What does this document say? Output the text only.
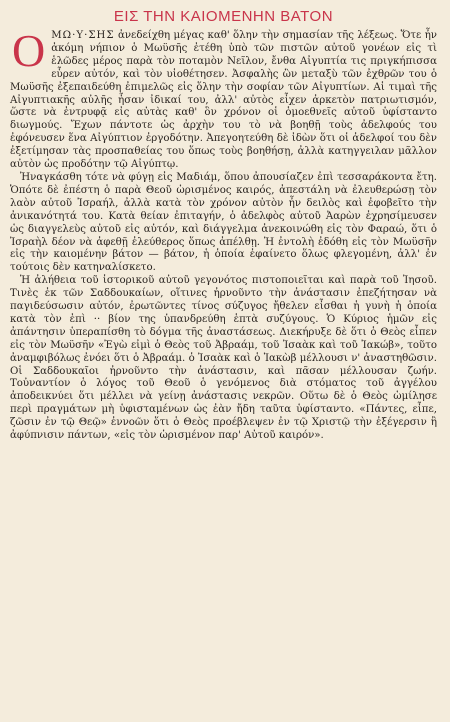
ΕΙΣ ΤΗΝ ΚΑΙΟΜΕΝΗΝ ΒΑΤΟΝ

ΟΜΩ·Υ·ΣΗΣ ἀνεδείχθη μέγας καθ' ὅλην τὴν σημασίαν τῆς λέξεως. Ὅτε ἦν ἀκόμη νήπιον ὁ Μωϋσῆς ἐτέθη ὑπὸ τῶν πιστῶν αὐτοῦ γονέων εἰς τὶ ἑλῶδες μέρος παρὰ τὸν ποταμὸν Νεῖλον, ἔνθα Αἰγυπτία τις πριγκήπισσα εὗρεν αὐτόν, καὶ τὸν υἱοθέτησεν. Ἀσφαλὴς ὢν μεταξὺ τῶν ἐχθρῶν του ὁ Μωϋσῆς ἐξεπαιδεύθη ἐπιμελῶς εἰς ὅλην τὴν σοφίαν τῶν Αἰγυπτίων. Αἱ τιμαὶ τῆς Αἰγυπτιακῆς αὐλῆς ἦσαν ἰδικαί του, ἀλλ' αὐτὸς εἶχεν ἀρκετὸν πατριωτισμόν, ὥστε νὰ ἐντρυφᾷ εἰς αὐτὰς καθ' ὃν χρόνον οἱ ὁμοεθνεῖς αὐτοῦ ὑφίσταντο διωγμούς. Ἔχων πάντοτε ὡς ἀρχὴν του τὸ νὰ βοηθῇ τοὺς ἀδελφούς του ἐφόνευσεν ἕνα Αἰγύπτιον ἐργοδότην. Ἀπεγοητεύθη δὲ ἰδὼν ὅτι οἱ ἀδελφοί του δὲν ἐξετίμησαν τὰς προσπαθείας του ὅπως τοὺς βοηθήσῃ, ἀλλὰ κατηγγειλαν μᾶλλον αὐτὸν ὡς προδότην τῷ Αἰγύπτῳ.

Ἠναγκάσθη τότε νὰ φύγῃ εἰς Μαδιάμ, ὅπου ἀπουσίαζεν ἐπὶ τεσσαράκοντα ἔτη. Ὁπότε δὲ ἐπέστη ὁ παρὰ Θεοῦ ὡρισμένος καιρός, ἀπεστάλη νὰ ἐλευθερώσῃ τὸν λαὸν αὐτοῦ Ἰσραήλ, ἀλλὰ κατὰ τὸν χρόνον αὐτὸν ἦν δειλὸς καὶ ἐφοβεῖτο τὴν ἀνικανότητά του. Κατὰ θείαν ἐπιταγήν, ὁ ἀδελφὸς αὐτοῦ Ἀαρὼν ἐχρησίμευσεν ὡς διαγγελεὺς αὐτοῦ εἰς αὐτόν, καὶ διάγγελμα ἀνεκοινώθη εἰς τὸν Φαραώ, ὅτι ὁ Ἰσραὴλ δέον νὰ ἀφεθῇ ἐλεύθερος ὅπως ἀπέλθῃ. Ἡ ἐντολὴ ἐδόθη εἰς τὸν Μωϋσῆν εἰς τὴν καιομένην βάτον — βάτον, ἡ ὁποία ἐφαίνετο ὅλως φλεγομένη, ἀλλ' ἐν τούτοις δὲν κατηναλίσκετο.

Ἡ ἀλήθεια τοῦ ἱστορικοῦ αὐτοῦ γεγονότος πιστοποιεῖται καὶ παρὰ τοῦ Ἰησοῦ. Τινὲς ἐκ τῶν Σαδδουκαίων, οἵτινες ἠρνοῦντο τὴν ἀνάστασιν ἐπεζήτησαν νὰ παγιδεύσωσιν αὐτόν, ἐρωτῶντες τίνος σύζυγος ἤθελεν εἶσθαι ἡ γυνὴ ἡ ὁποία κατὰ τὸν ἐπὶ ·· βίον της ὑπανδρεύθη ἑπτὰ συζύγους. Ὁ Κύριος ἡμῶν εἰς ἀπάντησιν ὑπεραπίσθη τὸ δόγμα τῆς ἀναστάσεως. Διεκήρυξε δὲ ὅτι ὁ Θεὸς εἶπεν εἰς τὸν Μωϋσῆν «Ἐγὼ εἰμὶ ὁ Θεὸς τοῦ Ἀβραάμ, τοῦ Ἰσαὰκ καὶ τοῦ Ἰακώβ», τοῦτο ἀναμφιβόλως ἐνόει ὅτι ὁ Ἀβραάμ. ὁ Ἰσαὰκ καὶ ὁ Ἰακὼβ μέλλουσι ν' ἀναστηθῶσιν. Οἱ Σαδδουκαῖοι ἠρνοῦντο τὴν ἀνάστασιν, καὶ πᾶσαν μέλλουσαν ζωήν. Τοὐναντίον ὁ λόγος τοῦ Θεοῦ ὁ γενόμενος διὰ στόματος τοῦ ἀγγέλου ἀποδεικνύει ὅτι μέλλει νὰ γείνῃ ἀνάστασις νεκρῶν. Οὕτω δὲ ὁ Θεὸς ὡμίλησε περὶ πραγμάτων μὴ ὑφισταμένων ὡς ἐὰν ἤδη ταῦτα ὑφίσταντο. «Πάντες, εἶπε, ζῶσιν ἐν τῷ Θεῷ» ἐννοῶν ὅτι ὁ Θεὸς προέβλεψεν ἐν τῷ Χριστῷ τὴν ἐξέγερσιν ἢ ἀφύπνισιν πάντων, «εἰς τὸν ὡρισμένον παρ' Αὐτοῦ καιρόν».
